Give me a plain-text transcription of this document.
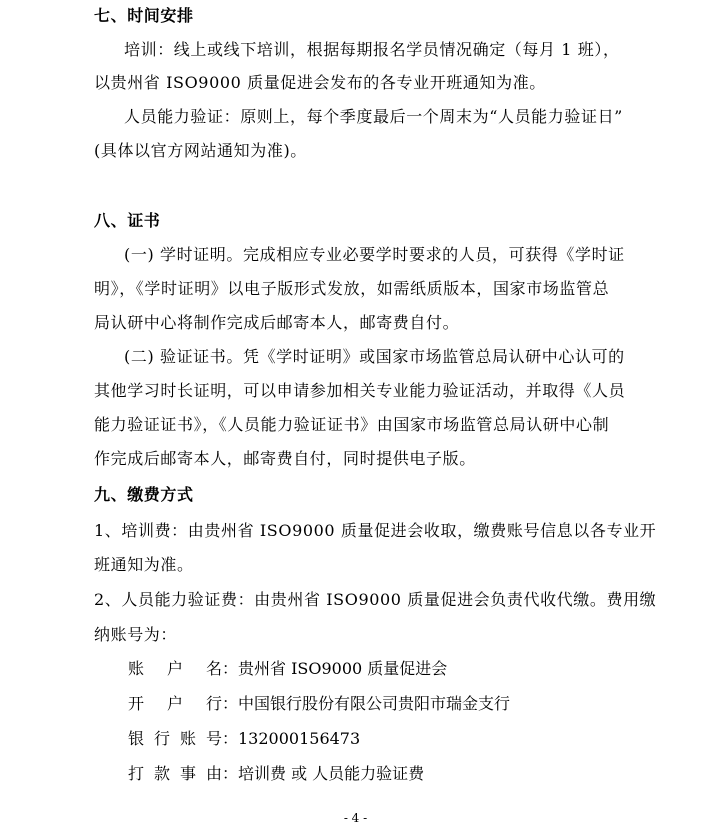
七、时间安排
培训：线上或线下培训，根据每期报名学员情况确定（每月 1 班），
以贵州省 ISO9000 质量促进会发布的各专业开班通知为准。
人员能力验证：原则上，每个季度最后一个周末为“人员能力验证日”
(具体以官方网站通知为准)。
八、证书
(一) 学时证明。完成相应专业必要学时要求的人员，可获得《学时证
明》，《学时证明》以电子版形式发放，如需纸质版本，国家市场监管总
局认研中心将制作完成后邮寄本人，邮寄费自付。
(二) 验证证书。凭《学时证明》或国家市场监管总局认研中心认可的
其他学习时长证明，可以申请参加相关专业能力验证活动，并取得《人员
能力验证证书》，《人员能力验证证书》由国家市场监管总局认研中心制
作完成后邮寄本人，邮寄费自付，同时提供电子版。
九、缴费方式
1、培训费：由贵州省 ISO9000 质量促进会收取，缴费账号信息以各专业开
班通知为准。
2、人员能力验证费：由贵州省 ISO9000 质量促进会负责代收代缴。费用缴
纳账号为：
账户名：贵州省 ISO9000 质量促进会
开户行：中国银行股份有限公司贵阳市瑞金支行
银行账号：132000156473
打款事由：培训费 或 人员能力验证费
- 4 -
